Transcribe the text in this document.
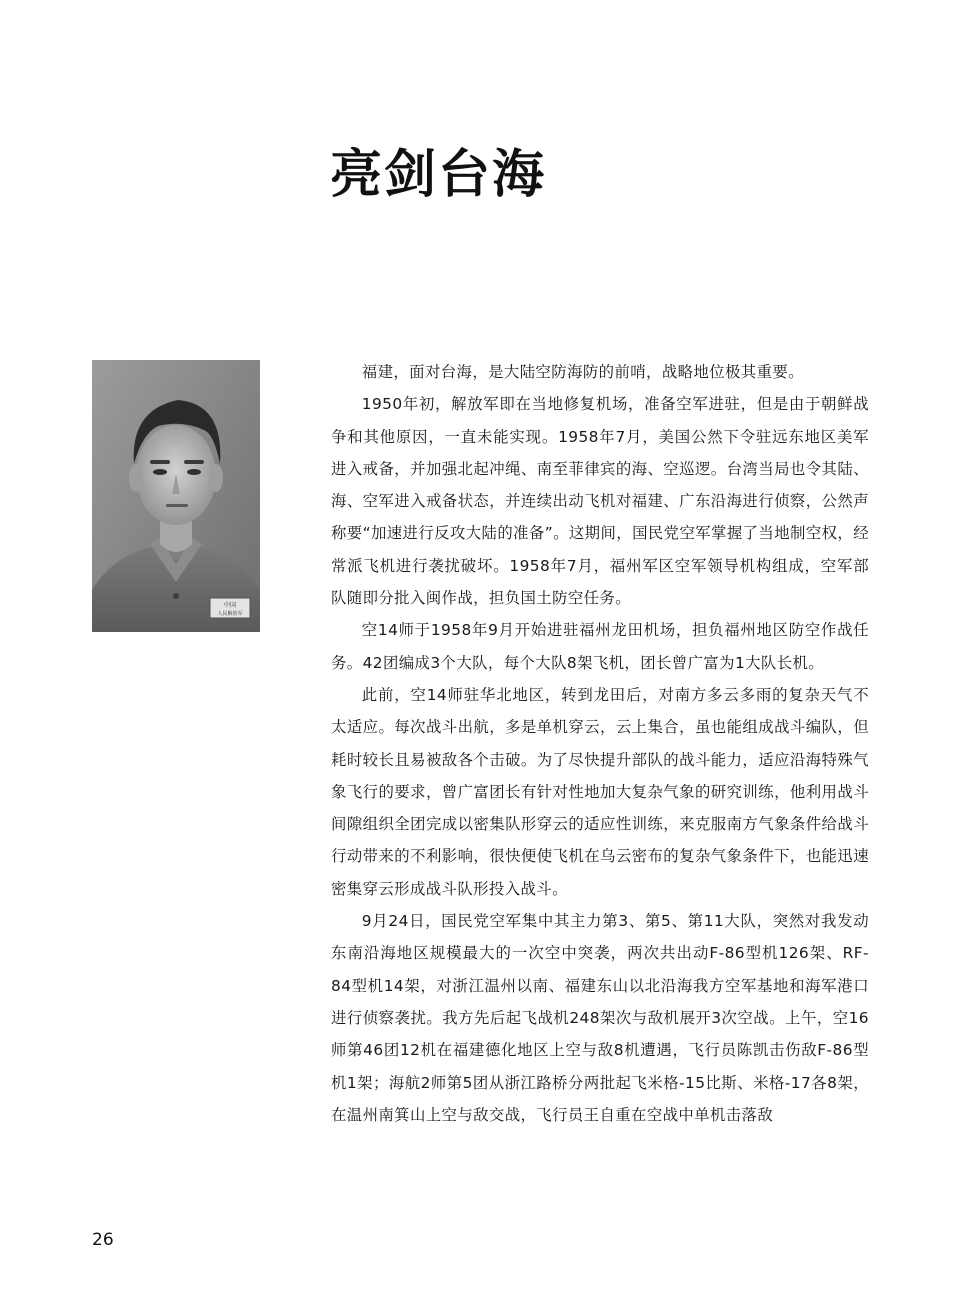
亮剑台海
中国
人民解放军

福建，面对台海，是大陆空防海防的前哨，战略地位极其重要。

1950年初，解放军即在当地修复机场，准备空军进驻，但是由于朝鲜战争和其他原因，一直未能实现。1958年7月，美国公然下令驻远东地区美军进入戒备，并加强北起冲绳、南至菲律宾的海、空巡逻。台湾当局也令其陆、海、空军进入戒备状态，并连续出动飞机对福建、广东沿海进行侦察，公然声称要“加速进行反攻大陆的准备”。这期间，国民党空军掌握了当地制空权，经常派飞机进行袭扰破坏。1958年7月，福州军区空军领导机构组成，空军部队随即分批入闽作战，担负国土防空任务。

空14师于1958年9月开始进驻福州龙田机场，担负福州地区防空作战任务。42团编成3个大队，每个大队8架飞机，团长曾广富为1大队长机。

此前，空14师驻华北地区，转到龙田后，对南方多云多雨的复杂天气不太适应。每次战斗出航，多是单机穿云，云上集合，虽也能组成战斗编队，但耗时较长且易被敌各个击破。为了尽快提升部队的战斗能力，适应沿海特殊气象飞行的要求，曾广富团长有针对性地加大复杂气象的研究训练，他利用战斗间隙组织全团完成以密集队形穿云的适应性训练，来克服南方气象条件给战斗行动带来的不利影响，很快便使飞机在乌云密布的复杂气象条件下，也能迅速密集穿云形成战斗队形投入战斗。

9月24日，国民党空军集中其主力第3、第5、第11大队，突然对我发动东南沿海地区规模最大的一次空中突袭，两次共出动F-86型机126架、RF-84型机14架，对浙江温州以南、福建东山以北沿海我方空军基地和海军港口进行侦察袭扰。我方先后起飞战机248架次与敌机展开3次空战。上午，空16师第46团12机在福建德化地区上空与敌8机遭遇，飞行员陈凯击伤敌F-86型机1架；海航2师第5团从浙江路桥分两批起飞米格-15比斯、米格-17各8架，在温州南箕山上空与敌交战，飞行员王自重在空战中单机击落敌

26
